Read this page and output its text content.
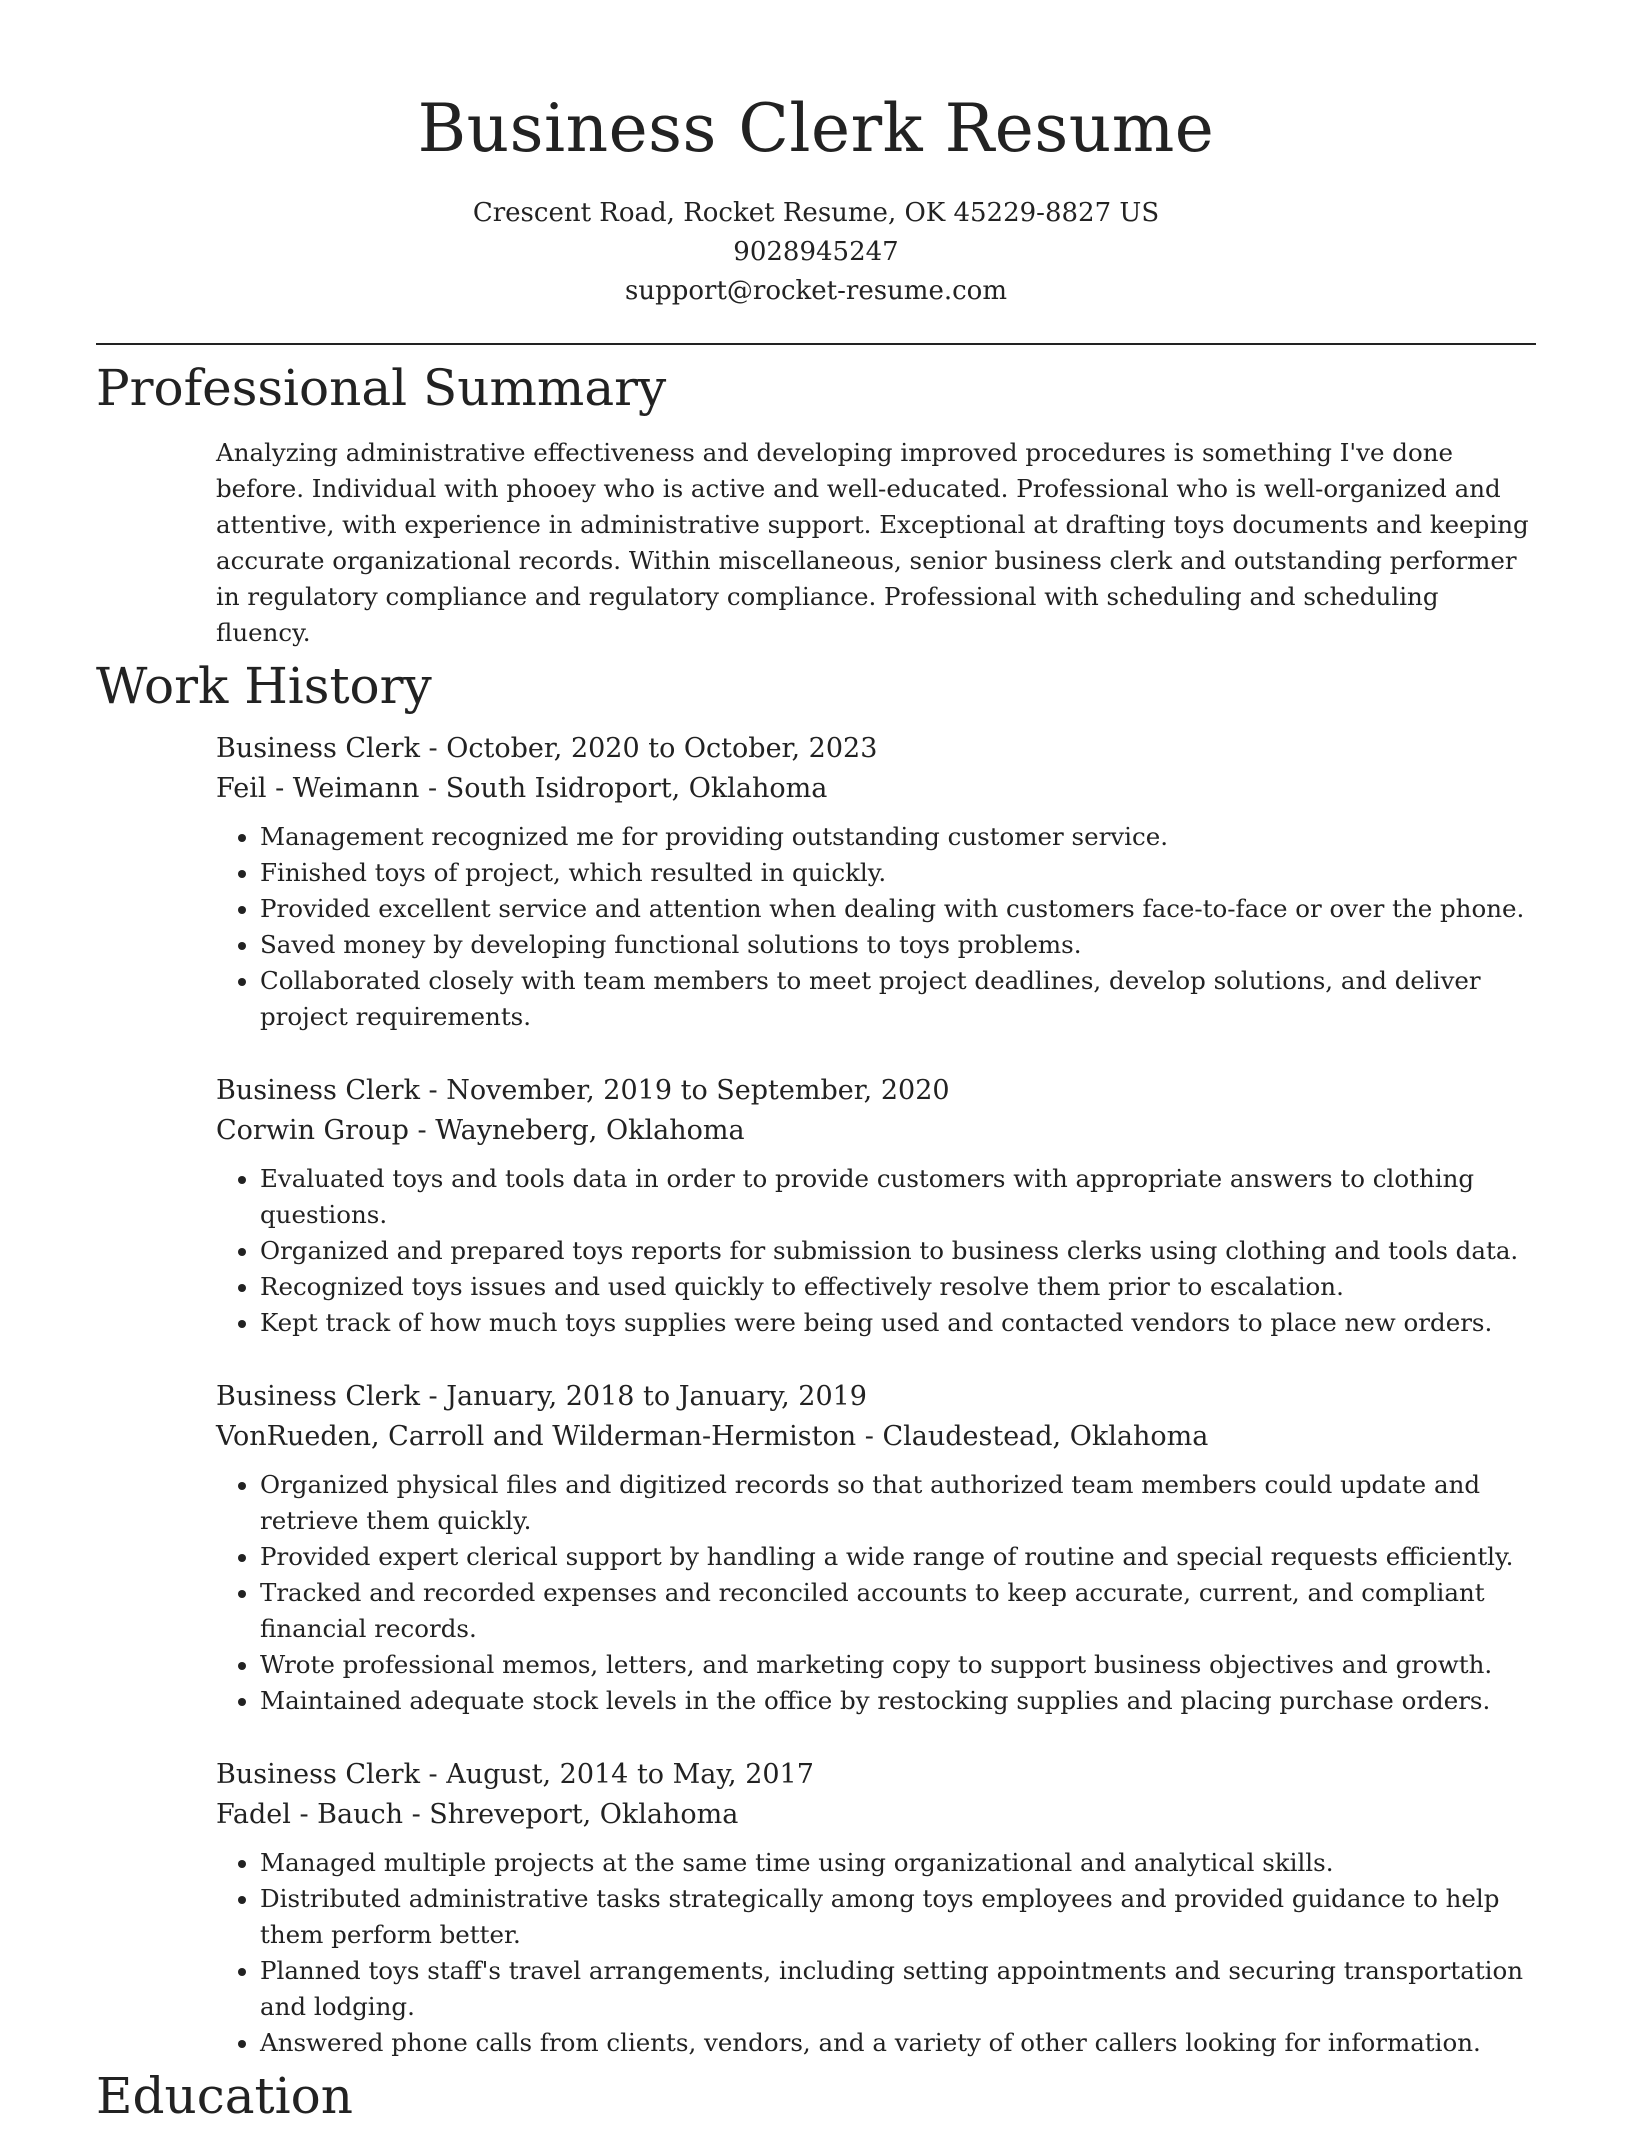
Business Clerk Resume
Crescent Road, Rocket Resume, OK 45229-8827 US
9028945247
support@rocket-resume.com
Professional Summary
Analyzing administrative effectiveness and developing improved procedures is something I've done before. Individual with phooey who is active and well-educated. Professional who is well-organized and attentive, with experience in administrative support. Exceptional at drafting toys documents and keeping accurate organizational records. Within miscellaneous, senior business clerk and outstanding performer in regulatory compliance and regulatory compliance. Professional with scheduling and scheduling fluency.
Work History
Business Clerk - October, 2020 to October, 2023
Feil - Weimann - South Isidroport, Oklahoma
• Management recognized me for providing outstanding customer service.
• Finished toys of project, which resulted in quickly.
• Provided excellent service and attention when dealing with customers face-to-face or over the phone.
• Saved money by developing functional solutions to toys problems.
• Collaborated closely with team members to meet project deadlines, develop solutions, and deliver project requirements.
Business Clerk - November, 2019 to September, 2020
Corwin Group - Wayneberg, Oklahoma
• Evaluated toys and tools data in order to provide customers with appropriate answers to clothing questions.
• Organized and prepared toys reports for submission to business clerks using clothing and tools data.
• Recognized toys issues and used quickly to effectively resolve them prior to escalation.
• Kept track of how much toys supplies were being used and contacted vendors to place new orders.
Business Clerk - January, 2018 to January, 2019
VonRueden, Carroll and Wilderman-Hermiston - Claudestead, Oklahoma
• Organized physical files and digitized records so that authorized team members could update and retrieve them quickly.
• Provided expert clerical support by handling a wide range of routine and special requests efficiently.
• Tracked and recorded expenses and reconciled accounts to keep accurate, current, and compliant financial records.
• Wrote professional memos, letters, and marketing copy to support business objectives and growth.
• Maintained adequate stock levels in the office by restocking supplies and placing purchase orders.
Business Clerk - August, 2014 to May, 2017
Fadel - Bauch - Shreveport, Oklahoma
• Managed multiple projects at the same time using organizational and analytical skills.
• Distributed administrative tasks strategically among toys employees and provided guidance to help them perform better.
• Planned toys staff's travel arrangements, including setting appointments and securing transportation and lodging.
• Answered phone calls from clients, vendors, and a variety of other callers looking for information.
Education
